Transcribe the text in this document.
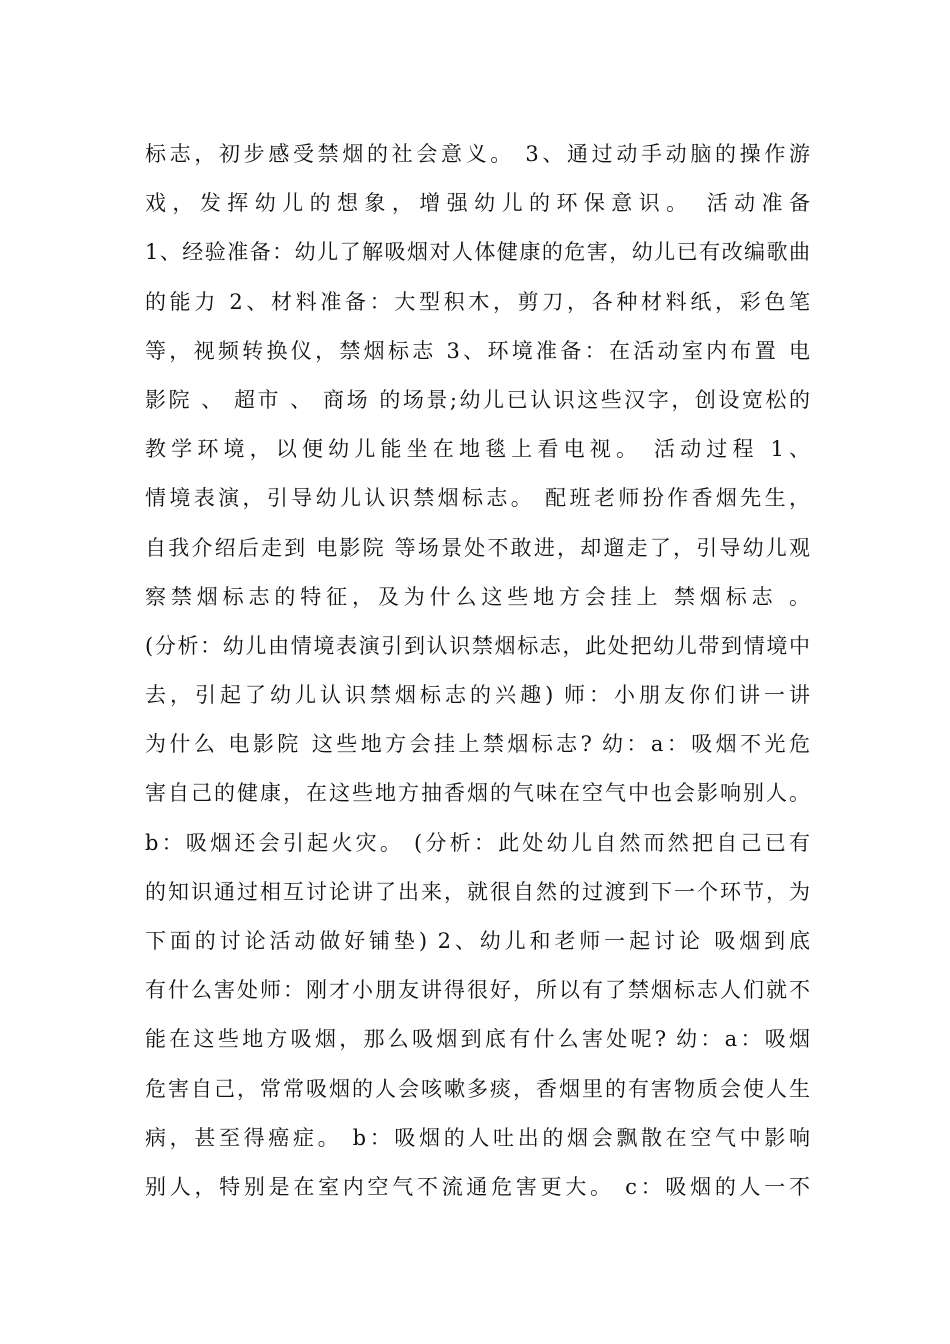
标志，初步感受禁烟的社会意义。 3、通过动手动脑的操作游
戏，发挥幼儿的想象，增强幼儿的环保意识。 活动准备
1、经验准备：幼儿了解吸烟对人体健康的危害，幼儿已有改编歌曲
的能力 2、材料准备：大型积木，剪刀，各种材料纸，彩色笔
等，视频转换仪，禁烟标志 3、环境准备：在活动室内布置 电
影院 、 超市 、 商场 的场景;幼儿已认识这些汉字，创设宽松的
教学环境，以便幼儿能坐在地毯上看电视。 活动过程 1、
情境表演，引导幼儿认识禁烟标志。 配班老师扮作香烟先生，
自我介绍后走到 电影院 等场景处不敢进，却遛走了，引导幼儿观
察禁烟标志的特征，及为什么这些地方会挂上 禁烟标志 。
(分析：幼儿由情境表演引到认识禁烟标志，此处把幼儿带到情境中
去，引起了幼儿认识禁烟标志的兴趣) 师：小朋友你们讲一讲
为什么 电影院 这些地方会挂上禁烟标志? 幼：a：吸烟不光危
害自己的健康，在这些地方抽香烟的气味在空气中也会影响别人。
b：吸烟还会引起火灾。 (分析：此处幼儿自然而然把自己已有
的知识通过相互讨论讲了出来，就很自然的过渡到下一个环节，为
下面的讨论活动做好铺垫) 2、幼儿和老师一起讨论 吸烟到底
有什么害处师：刚才小朋友讲得很好，所以有了禁烟标志人们就不
能在这些地方吸烟，那么吸烟到底有什么害处呢? 幼：a：吸烟
危害自己，常常吸烟的人会咳嗽多痰，香烟里的有害物质会使人生
病，甚至得癌症。 b：吸烟的人吐出的烟会飘散在空气中影响
别人，特别是在室内空气不流通危害更大。 c：吸烟的人一不
